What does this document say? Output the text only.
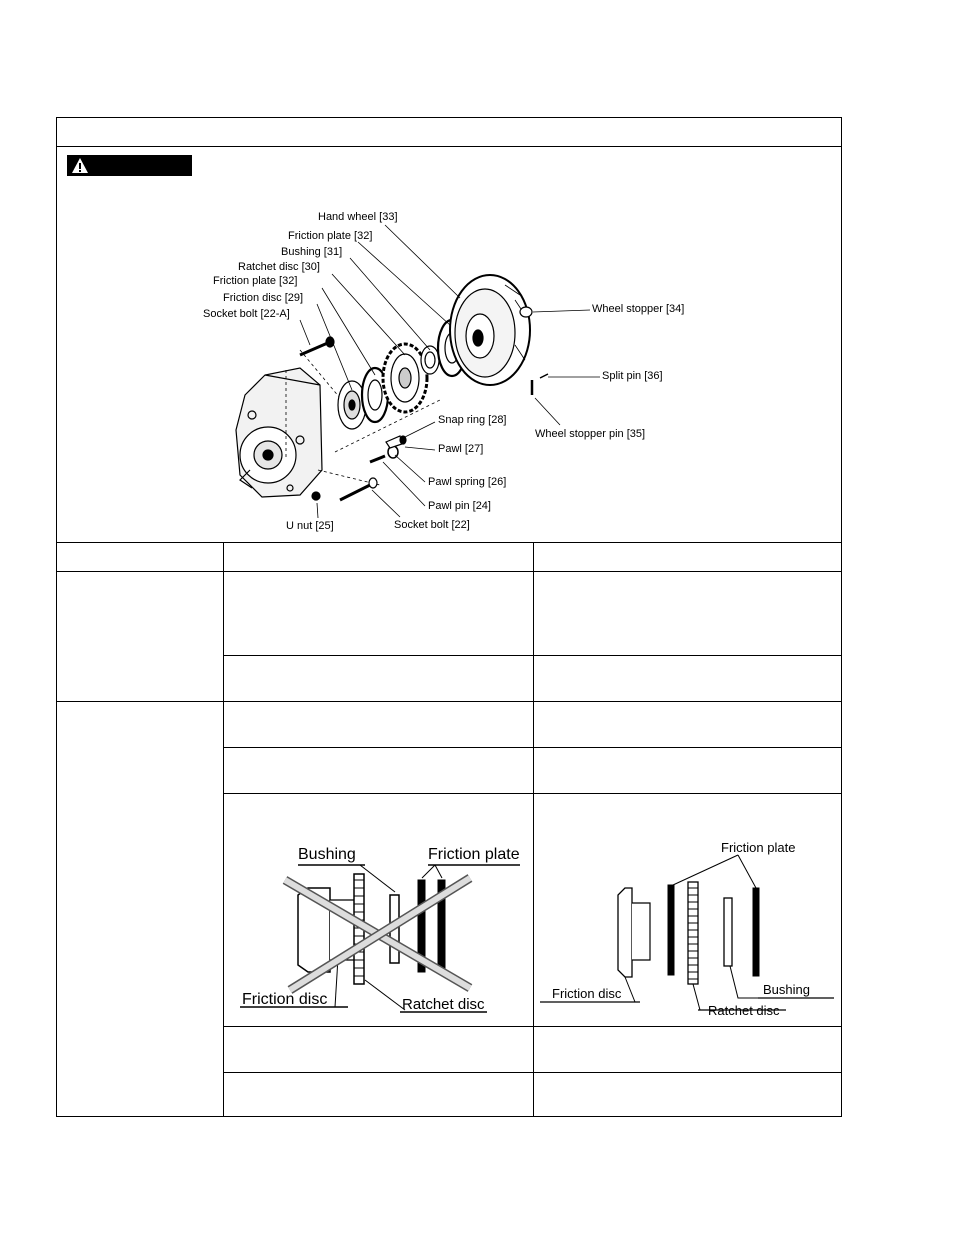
Hand wheel [33]
Friction plate [32]
Bushing [31]
Ratchet disc [30]
Friction plate [32]
Friction disc [29]
Socket bolt [22-A]	Wheel stopper [34]
Split pin [36]
Wheel stopper pin [35]
Snap ring [28]
Pawl [27]
Pawl spring [26]
Pawl pin [24]
U nut [25]	Socket bolt [22]
Bushing	Friction plate
Friction disc	Ratchet disc
Friction plate
Friction disc	Bushing
Ratchet disc
